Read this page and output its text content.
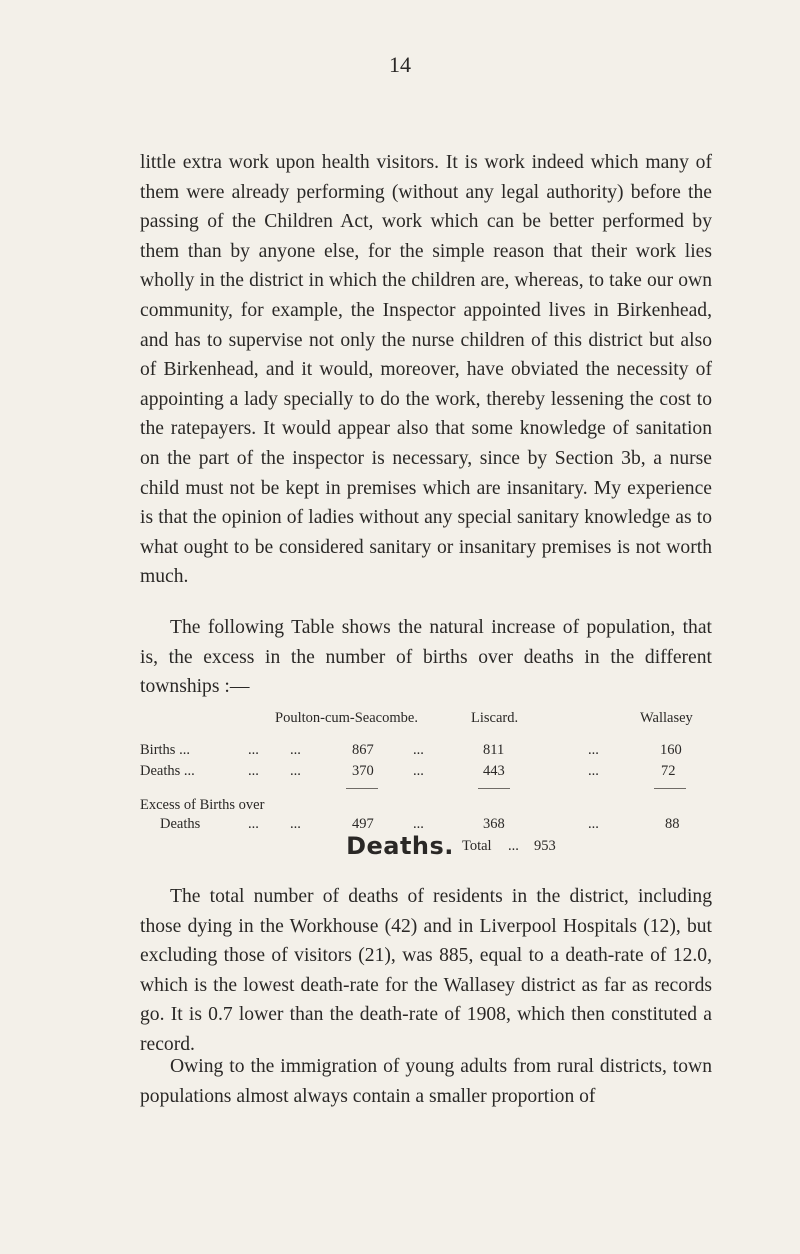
14

little extra work upon health visitors. It is work indeed which many of them were already performing (without any legal authority) before the passing of the Children Act, work which can be better performed by them than by anyone else, for the simple reason that their work lies wholly in the district in which the children are, whereas, to take our own community, for example, the Inspector appointed lives in Birkenhead, and has to supervise not only the nurse children of this district but also of Birkenhead, and it would, moreover, have obviated the necessity of appointing a lady specially to do the work, thereby lessening the cost to the ratepayers. It would appear also that some knowledge of sanitation on the part of the inspector is necessary, since by Section 3b, a nurse child must not be kept in premises which are insanitary. My experience is that the opinion of ladies without any special sanitary knowledge as to what ought to be considered sanitary or insanitary premises is not worth much.

The following Table shows the natural increase of population, that is, the excess in the number of births over deaths in the different townships :—

Poulton-cum-Seacombe.	Liscard.	Wallasey
Births ...	... ...	867	...	811	...	160
Deaths ...	... ...	370	...	443	...	72
Excess of Births over
Deaths	... ...	497	...	368	...	88
Total ... 953
Deaths.

The total number of deaths of residents in the district, including those dying in the Workhouse (42) and in Liverpool Hospitals (12), but excluding those of visitors (21), was 885, equal to a death-rate of 12.0, which is the lowest death-rate for the Wallasey district as far as records go. It is 0.7 lower than the death-rate of 1908, which then constituted a record.

Owing to the immigration of young adults from rural districts, town populations almost always contain a smaller proportion of
